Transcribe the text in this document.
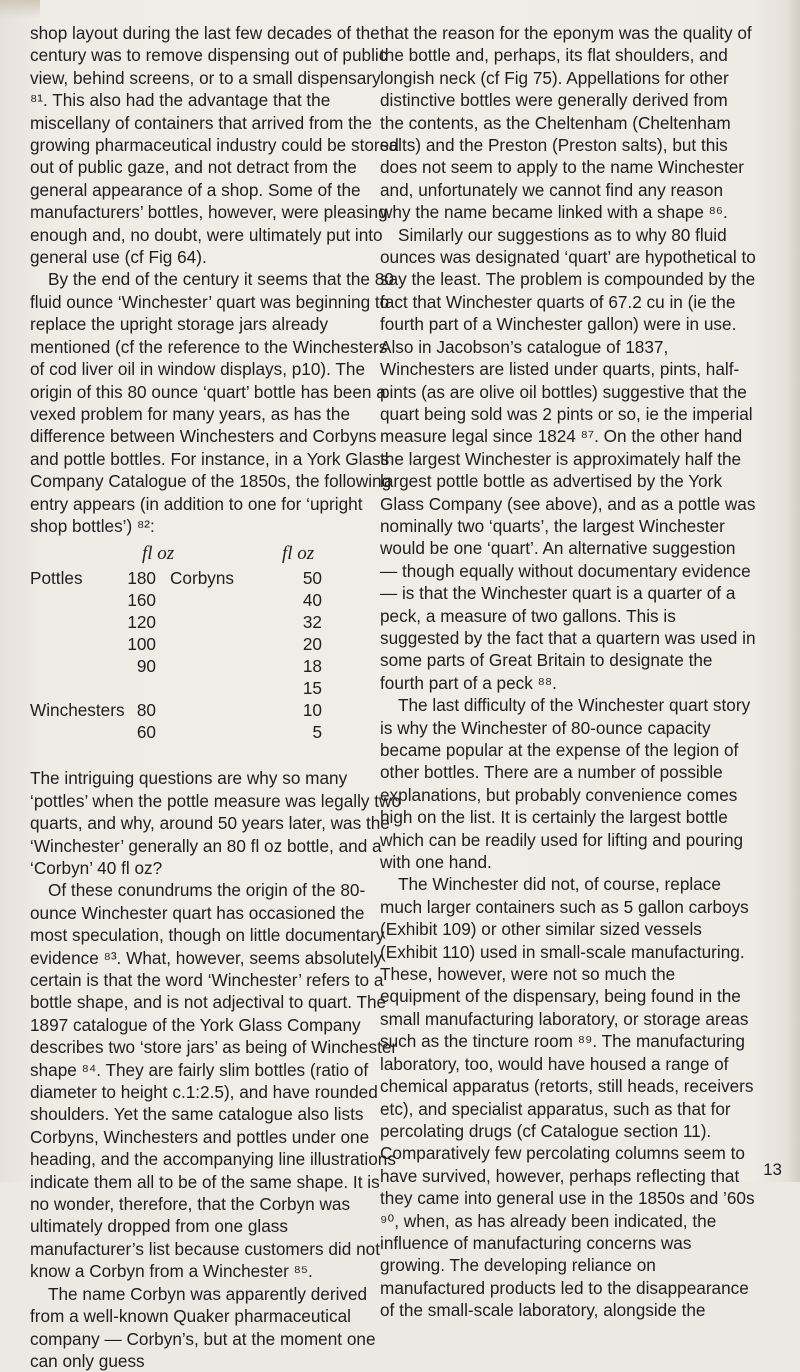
shop layout during the last few decades of the century was to remove dispensing out of public view, behind screens, or to a small dispensary ⁸¹. This also had the advantage that the miscellany of containers that arrived from the growing pharmaceutical industry could be stored out of public gaze, and not detract from the general appearance of a shop. Some of the manufacturers’ bottles, however, were pleasing enough and, no doubt, were ultimately put into general use (cf Fig 64).

By the end of the century it seems that the 80 fluid ounce ‘Winchester’ quart was beginning to replace the upright storage jars already mentioned (cf the reference to the Winchesters of cod liver oil in window displays, p10). The origin of this 80 ounce ‘quart’ bottle has been a vexed problem for many years, as has the difference between Winchesters and Corbyns and pottle bottles. For instance, in a York Glass Company Catalogue of the 1850s, the following entry appears (in addition to one for ‘upright shop bottles’) ⁸²:

fl oz	fl oz
Pottles	Corbyns
180
160
120
100
90
Winchesters 80
60
50
40
32
20
18
15
10
5

The intriguing questions are why so many ‘pottles’ when the pottle measure was legally two quarts, and why, around 50 years later, was the ‘Winchester’ generally an 80 fl oz bottle, and a ‘Corbyn’ 40 fl oz?

Of these conundrums the origin of the 80-ounce Winchester quart has occasioned the most speculation, though on little documentary evidence ⁸³. What, however, seems absolutely certain is that the word ‘Winchester’ refers to a bottle shape, and is not adjectival to quart. The 1897 catalogue of the York Glass Company describes two ‘store jars’ as being of Winchester shape ⁸⁴. They are fairly slim bottles (ratio of diameter to height c.1:2.5), and have rounded shoulders. Yet the same catalogue also lists Corbyns, Winchesters and pottles under one heading, and the accompanying line illustrations indicate them all to be of the same shape. It is no wonder, therefore, that the Corbyn was ultimately dropped from one glass manufacturer’s list because customers did not know a Corbyn from a Winchester ⁸⁵.

The name Corbyn was apparently derived from a well-known Quaker pharmaceutical company — Corbyn’s, but at the moment one can only guess

that the reason for the eponym was the quality of the bottle and, perhaps, its flat shoulders, and longish neck (cf Fig 75). Appellations for other distinctive bottles were generally derived from the contents, as the Cheltenham (Cheltenham salts) and the Preston (Preston salts), but this does not seem to apply to the name Winchester and, unfortunately we cannot find any reason why the name became linked with a shape ⁸⁶.

Similarly our suggestions as to why 80 fluid ounces was designated ‘quart’ are hypothetical to say the least. The problem is compounded by the fact that Winchester quarts of 67.2 cu in (ie the fourth part of a Winchester gallon) were in use. Also in Jacobson’s catalogue of 1837, Winchesters are listed under quarts, pints, half-pints (as are olive oil bottles) suggestive that the quart being sold was 2 pints or so, ie the imperial measure legal since 1824 ⁸⁷. On the other hand the largest Winchester is approximately half the largest pottle bottle as advertised by the York Glass Company (see above), and as a pottle was nominally two ‘quarts’, the largest Winchester would be one ‘quart’. An alternative suggestion — though equally without documentary evidence — is that the Winchester quart is a quarter of a peck, a measure of two gallons. This is suggested by the fact that a quartern was used in some parts of Great Britain to designate the fourth part of a peck ⁸⁸.

The last difficulty of the Winchester quart story is why the Winchester of 80-ounce capacity became popular at the expense of the legion of other bottles. There are a number of possible explanations, but probably convenience comes high on the list. It is certainly the largest bottle which can be readily used for lifting and pouring with one hand.

The Winchester did not, of course, replace much larger containers such as 5 gallon carboys (Exhibit 109) or other similar sized vessels (Exhibit 110) used in small-scale manufacturing. These, however, were not so much the equipment of the dispensary, being found in the small manufacturing laboratory, or storage areas such as the tincture room ⁸⁹. The manufacturing laboratory, too, would have housed a range of chemical apparatus (retorts, still heads, receivers etc), and specialist apparatus, such as that for percolating drugs (cf Catalogue section 11). Comparatively few percolating columns seem to have survived, however, perhaps reflecting that they came into general use in the 1850s and ’60s ⁹⁰, when, as has already been indicated, the influence of manufacturing concerns was growing. The developing reliance on manufactured products led to the disappearance of the small-scale laboratory, alongside the

13
